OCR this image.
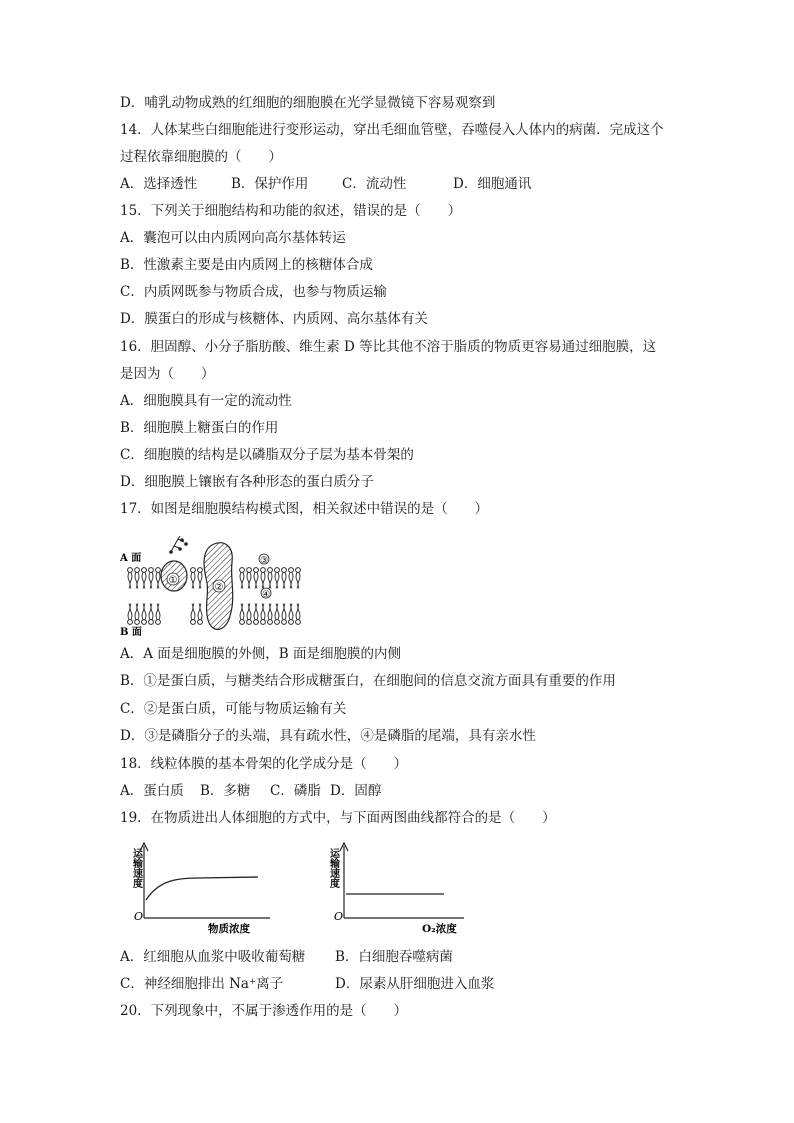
D．哺乳动物成熟的红细胞的细胞膜在光学显微镜下容易观察到
14．人体某些白细胞能进行变形运动，穿出毛细血管壁，吞噬侵入人体内的病菌．完成这个
过程依靠细胞膜的（　　）
A．选择透性	B．保护作用 C．流动性	D．细胞通讯
15．下列关于细胞结构和功能的叙述，错误的是（　　）
A．囊泡可以由内质网向高尔基体转运
B．性激素主要是由内质网上的核糖体合成
C．内质网既参与物质合成，也参与物质运输
D．膜蛋白的形成与核糖体、内质网、高尔基体有关
16．胆固醇、小分子脂肪酸、维生素 D 等比其他不溶于脂质的物质更容易通过细胞膜，这
是因为（　　）
A．细胞膜具有一定的流动性
B．细胞膜上糖蛋白的作用
C．细胞膜的结构是以磷脂双分子层为基本骨架的
D．细胞膜上镶嵌有各种形态的蛋白质分子
17．如图是细胞膜结构模式图，相关叙述中错误的是（　　）
A 面
B 面
①
②
③
④
A．A 面是细胞膜的外侧，B 面是细胞膜的内侧
B．①是蛋白质，与糖类结合形成糖蛋白，在细胞间的信息交流方面具有重要的作用
C．②是蛋白质，可能与物质运输有关
D．③是磷脂分子的头端，具有疏水性，④是磷脂的尾端，具有亲水性
18．线粒体膜的基本骨架的化学成分是（　　）
A．蛋白质 B．多糖 C．磷脂 D．固醇
19．在物质进出人体细胞的方式中，与下面两图曲线都符合的是（　　）
运输速度
O
物质浓度
运输速度
O
O₂浓度
A．红细胞从血浆中吸收葡萄糖 B．白细胞吞噬病菌
C．神经细胞排出 Na⁺离子	D．尿素从肝细胞进入血浆
20．下列现象中，不属于渗透作用的是（　　）
